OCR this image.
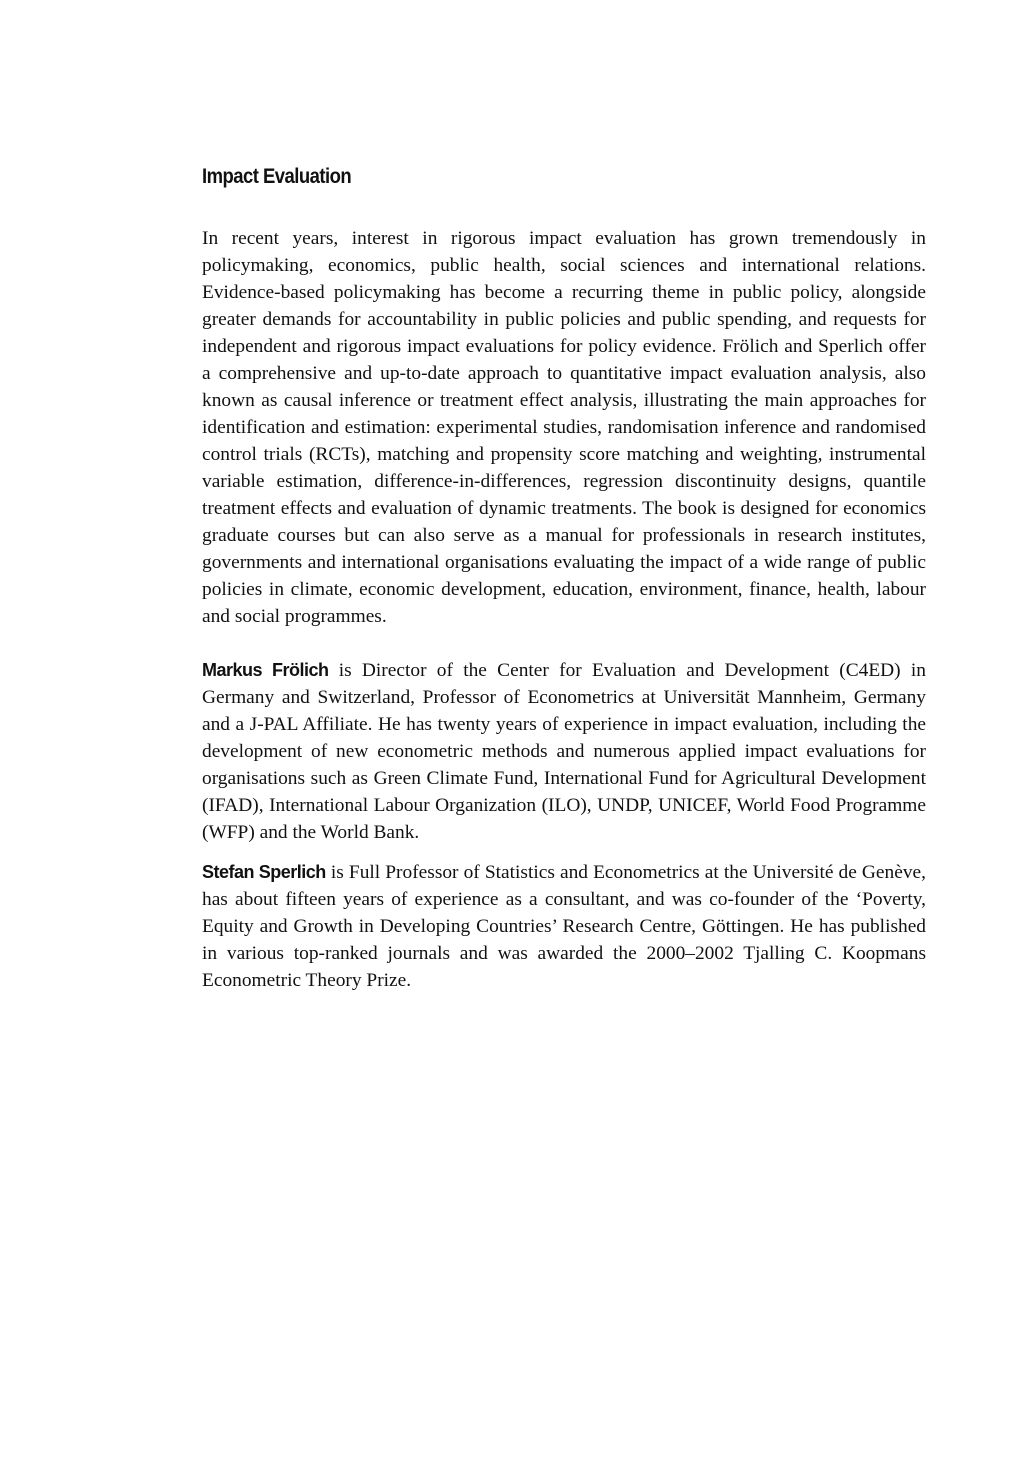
Impact Evaluation

In recent years, interest in rigorous impact evaluation has grown tremendously in policymaking, economics, public health, social sciences and international relations. Evidence-based policymaking has become a recurring theme in public policy, alongside greater demands for accountability in public policies and public spending, and requests for independent and rigorous impact evaluations for policy evidence. Frölich and Sperlich offer a comprehensive and up-to-date approach to quantitative impact evaluation analysis, also known as causal inference or treatment effect analysis, illustrating the main approaches for identification and estimation: experimental studies, randomisation inference and randomised control trials (RCTs), matching and propensity score matching and weighting, instrumental variable estimation, difference-in-differences, regression discontinuity designs, quantile treatment effects and evaluation of dynamic treatments. The book is designed for economics graduate courses but can also serve as a manual for professionals in research institutes, governments and international organisations evaluating the impact of a wide range of public policies in climate, economic development, education, environment, finance, health, labour and social programmes.

Markus Frölich is Director of the Center for Evaluation and Development (C4ED) in Germany and Switzerland, Professor of Econometrics at Universität Mannheim, Germany and a J-PAL Affiliate. He has twenty years of experience in impact evaluation, including the development of new econometric methods and numerous applied impact evaluations for organisations such as Green Climate Fund, International Fund for Agricultural Development (IFAD), International Labour Organization (ILO), UNDP, UNICEF, World Food Programme (WFP) and the World Bank.

Stefan Sperlich is Full Professor of Statistics and Econometrics at the Université de Genève, has about fifteen years of experience as a consultant, and was co-founder of the ‘Poverty, Equity and Growth in Developing Countries’ Research Centre, Göttingen. He has published in various top-ranked journals and was awarded the 2000–2002 Tjalling C. Koopmans Econometric Theory Prize.
